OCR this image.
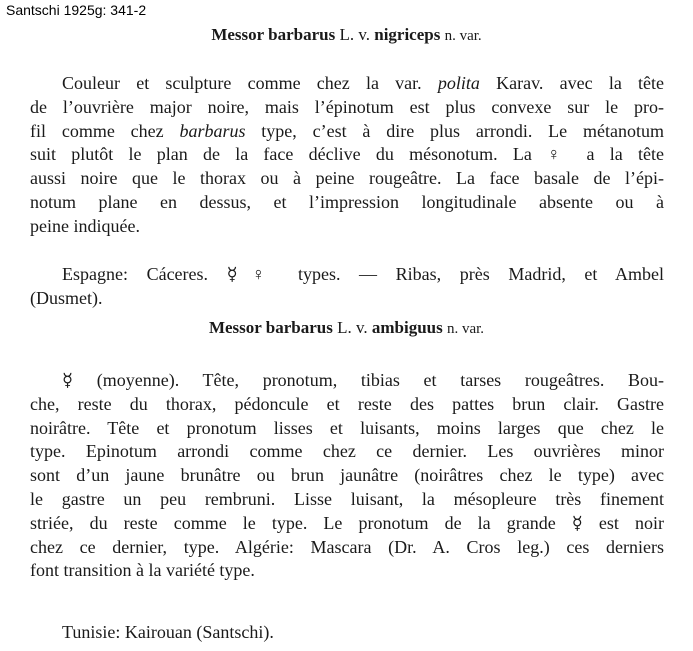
Santschi 1925g: 341-2
Messor barbarus L. v. nigriceps n. var.
Couleur et sculpture comme chez la var. polita Karav. avec la tête
de l’ouvrière major noire, mais l’épinotum est plus convexe sur le pro-
fil comme chez barbarus type, c’est à dire plus arrondi. Le métanotum
suit plutôt le plan de la face déclive du mésonotum. La ♀ a la tête
aussi noire que le thorax ou à peine rougeâtre. La face basale de l’épi-
notum plane en dessus, et l’impression longitudinale absente ou à
peine indiquée.
Espagne: Cáceres. ☿♀ types. — Ribas, près Madrid, et Ambel
(Dusmet).
Messor barbarus L. v. ambiguus n. var.
☿ (moyenne). Tête, pronotum, tibias et tarses rougeâtres. Bou-
che, reste du thorax, pédoncule et reste des pattes brun clair. Gastre
noirâtre. Tête et pronotum lisses et luisants, moins larges que chez le
type. Epinotum arrondi comme chez ce dernier. Les ouvrières minor
sont d’un jaune brunâtre ou brun jaunâtre (noirâtres chez le type) avec
le gastre un peu rembruni. Lisse luisant, la mésopleure très finement
striée, du reste comme le type. Le pronotum de la grande ☿ est noir
chez ce dernier, type. Algérie: Mascara (Dr. A. Cros leg.) ces derniers
font transition à la variété type.
Tunisie: Kairouan (Santschi).
